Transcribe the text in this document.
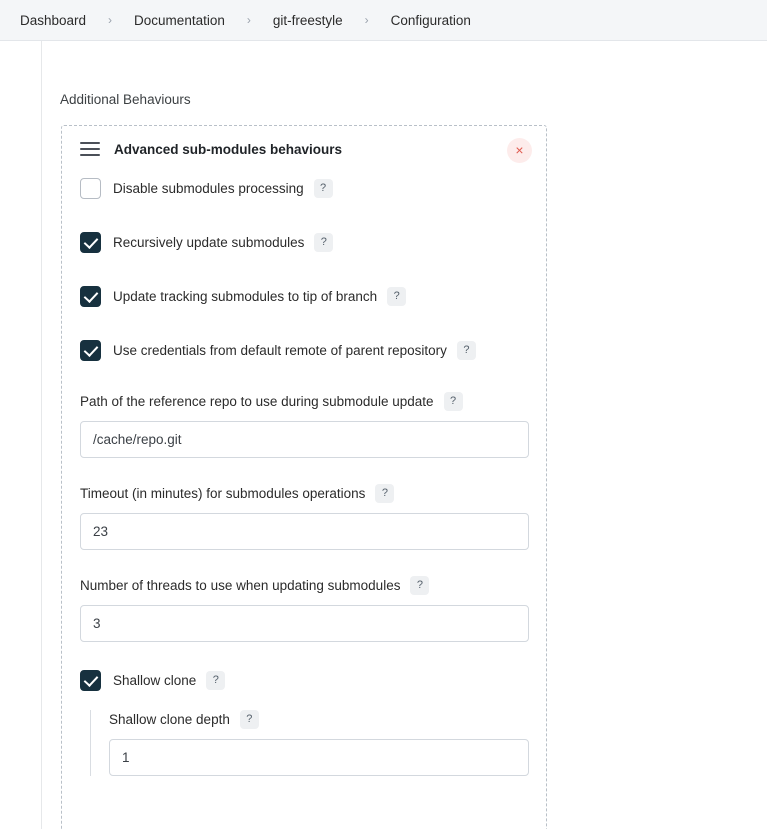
Dashboard	›	Documentation	›	git-freestyle	›	Configuration
Additional Behaviours
Advanced sub-modules behaviours	×
Disable submodules processing	?
Recursively update submodules	?
Update tracking submodules to tip of branch	?
Use credentials from default remote of parent repository	?
Path of the reference repo to use during submodule update	?
/cache/repo.git
Timeout (in minutes) for submodules operations	?
23
Number of threads to use when updating submodules	?
3
Shallow clone	?
Shallow clone depth	?
1
